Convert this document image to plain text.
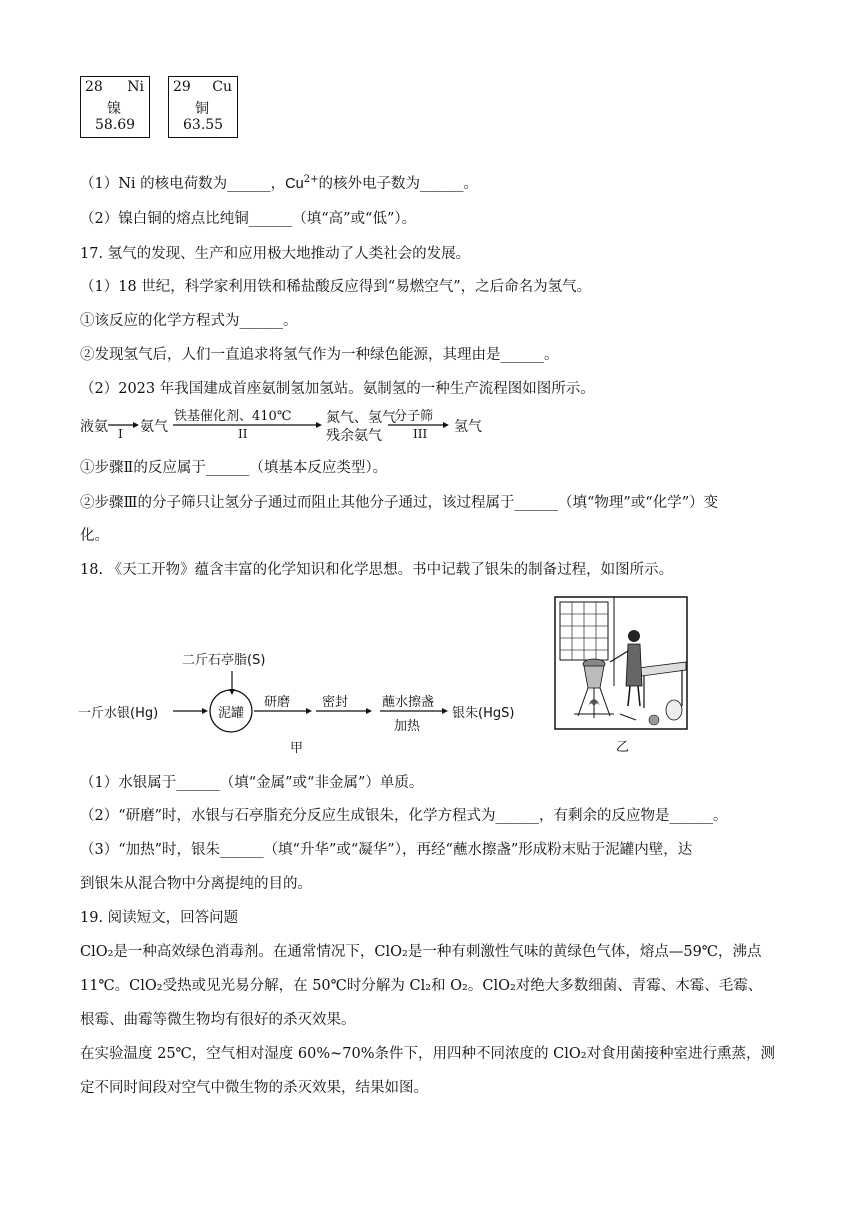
28 Ni
镍
58.69
29 Cu
铜
63.55
（1）Ni 的核电荷数为______，$Cu^{2+}$的核外电子数为______。
（2）镍白铜的熔点比纯铜______（填“高”或“低”）。
17. 氢气的发现、生产和应用极大地推动了人类社会的发展。
（1）18 世纪，科学家利用铁和稀盐酸反应得到“易燃空气”，之后命名为氢气。
①该反应的化学方程式为______。
②发现氢气后，人们一直追求将氢气作为一种绿色能源，其理由是______。
（2）2023 年我国建成首座氨制氢加氢站。氨制氢的一种生产流程图如图所示。
液氨 I 氨气
铁基催化剂、410℃
II
氮气、氢气
残余氨气
分子筛
III 氢气
①步骤Ⅱ的反应属于______（填基本反应类型）。
②步骤Ⅲ的分子筛只让氢分子通过而阻止其他分子通过，该过程属于______（填“物理”或“化学”）变
化。
18. 《天工开物》蕴含丰富的化学知识和化学思想。书中记载了银朱的制备过程，如图所示。
二斤石亭脂(S)
一斤水银(Hg)	泥罐
研磨 密封	蘸水擦盏
加热
银朱(HgS)
甲	乙
（1）水银属于______（填“金属”或“非金属”）单质。
（2）“研磨”时，水银与石亭脂充分反应生成银朱，化学方程式为______，有剩余的反应物是______。
（3）“加热”时，银朱______（填“升华”或“凝华”），再经“蘸水擦盏”形成粉末贴于泥罐内壁，达
到银朱从混合物中分离提纯的目的。
19. 阅读短文，回答问题
ClO₂是一种高效绿色消毒剂。在通常情况下，ClO₂是一种有刺激性气味的黄绿色气体，熔点—59℃，沸点
11℃。ClO₂受热或见光易分解，在 50℃时分解为 Cl₂和 O₂。ClO₂对绝大多数细菌、青霉、木霉、毛霉、
根霉、曲霉等微生物均有很好的杀灭效果。
在实验温度 25℃，空气相对湿度 60%~70%条件下，用四种不同浓度的 ClO₂对食用菌接种室进行熏蒸，测
定不同时间段对空气中微生物的杀灭效果，结果如图。
